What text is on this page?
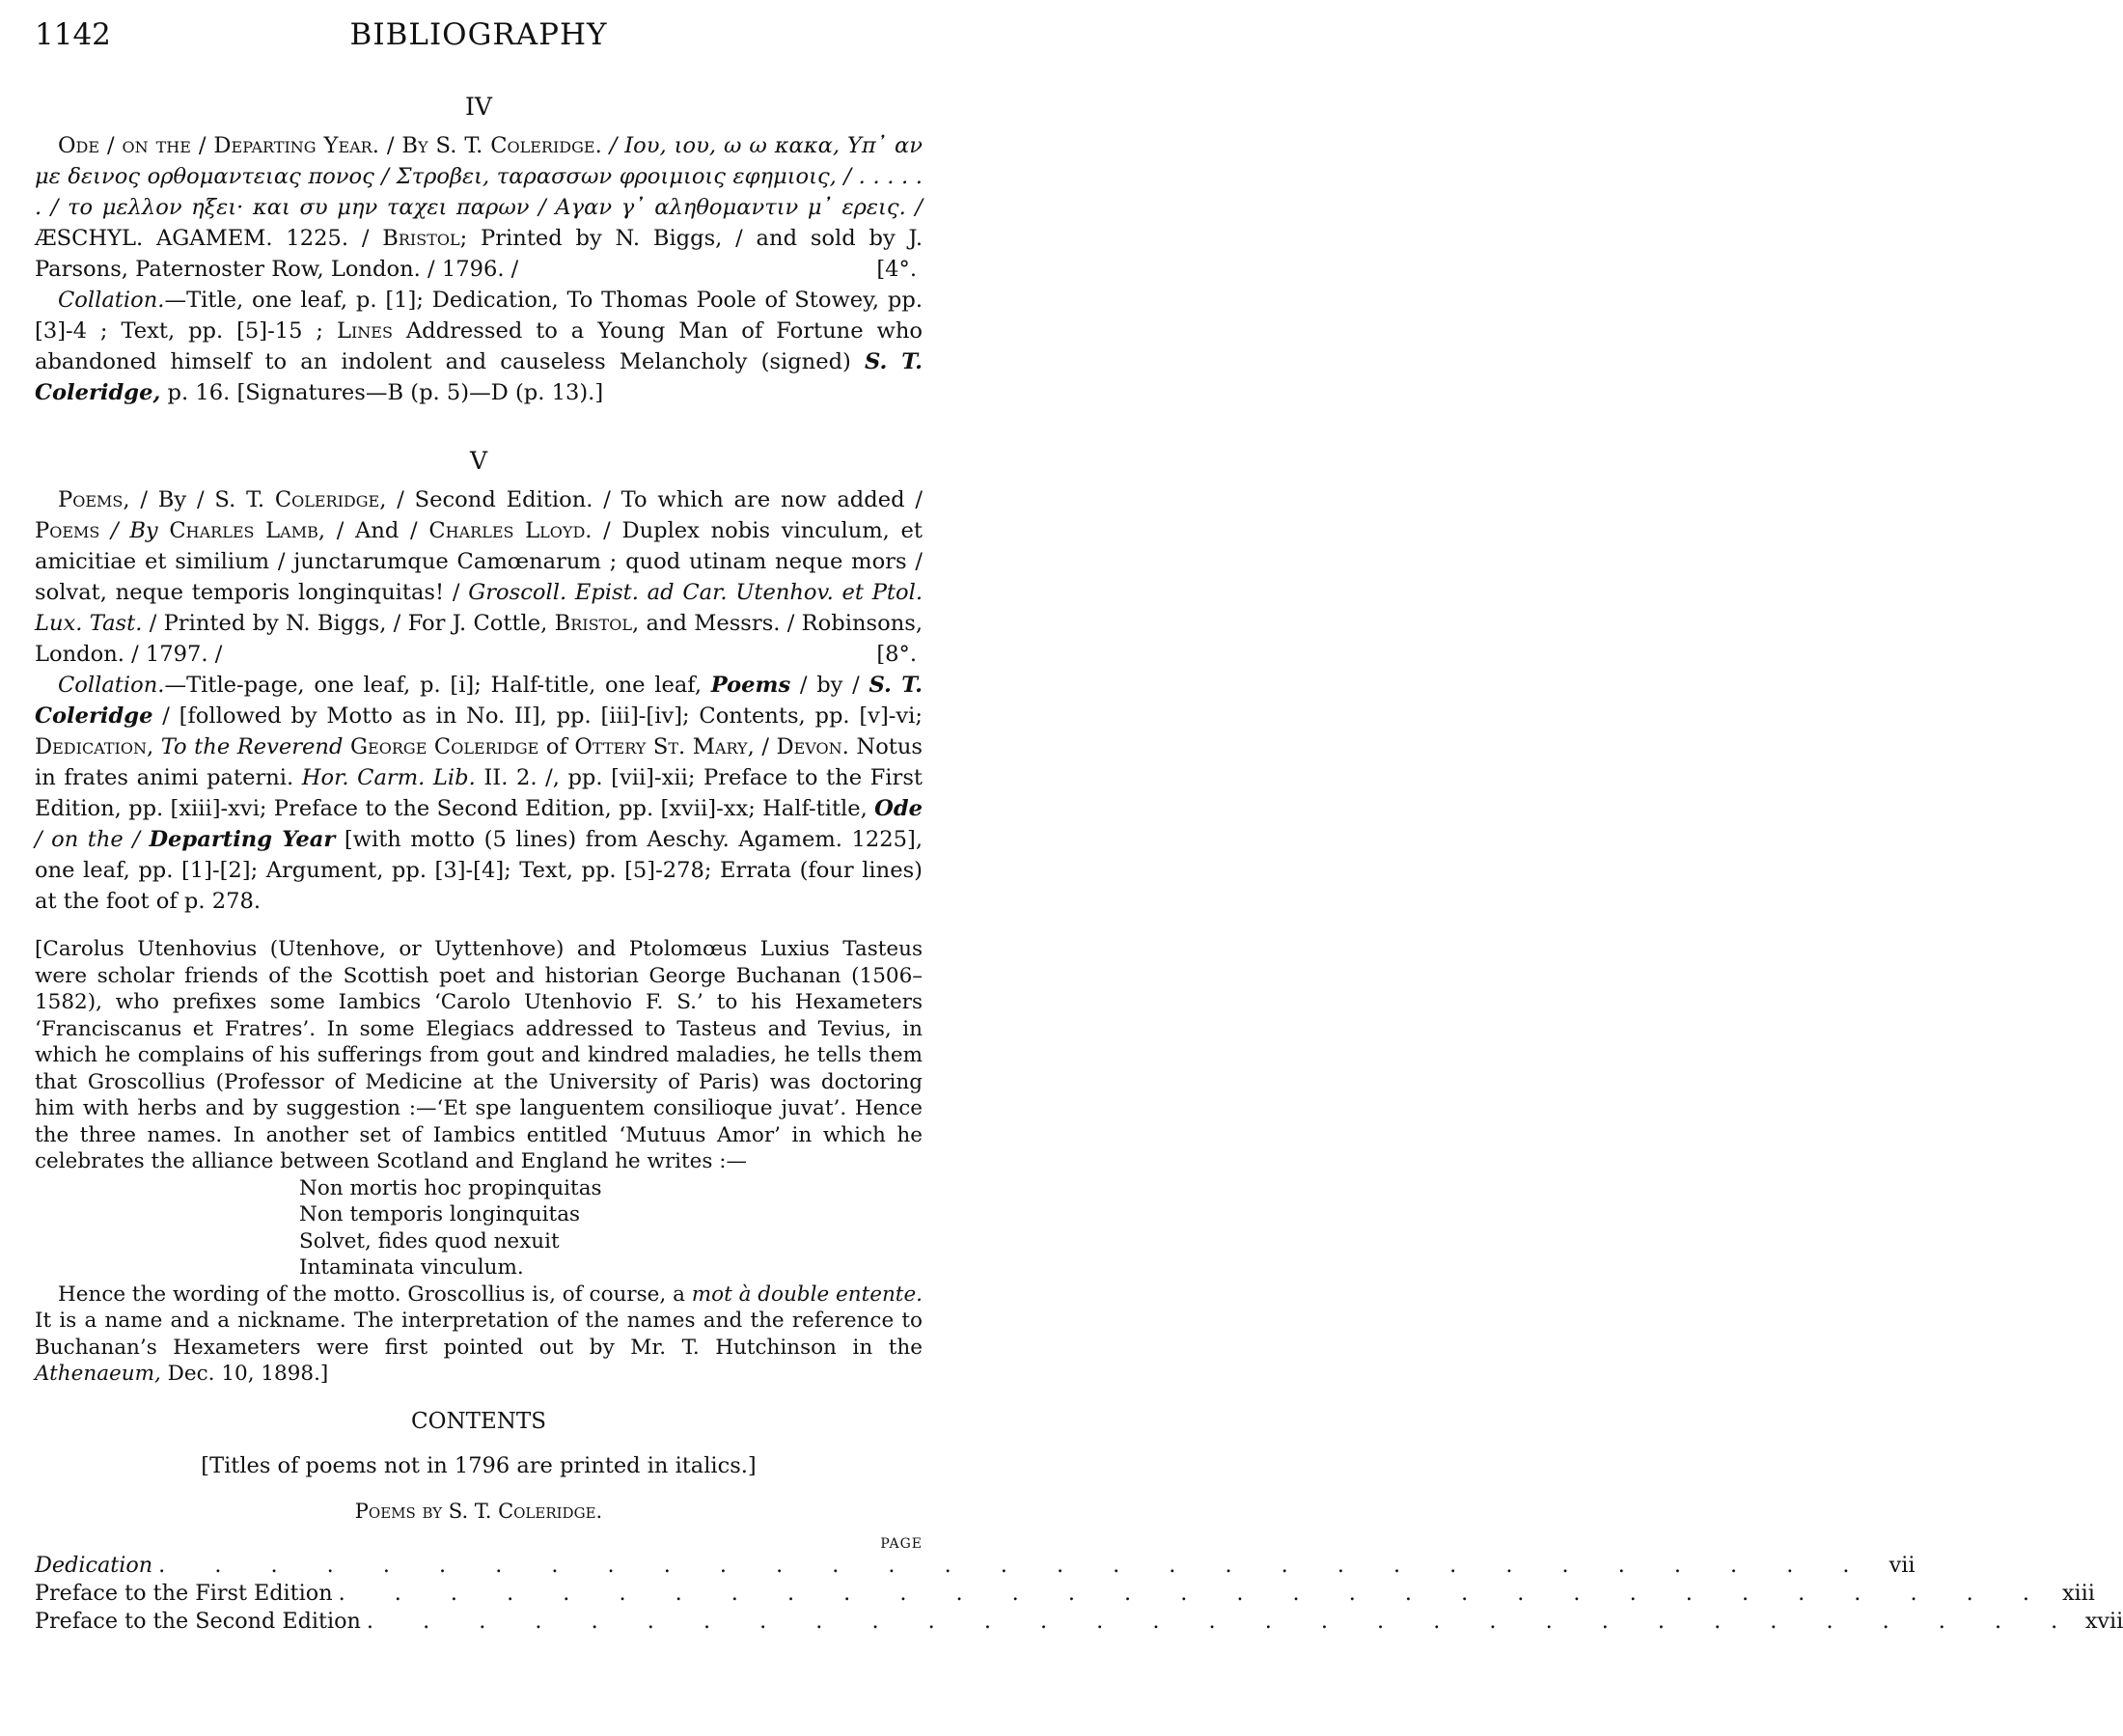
1142	BIBLIOGRAPHY
IV

Ode / on the / Departing Year. / By S. T. Coleridge. / Ιου, ιου, ω ω κακα, Υπ᾽ αν με δεινος ορθομαντειας πονος / Στροβει, ταρασσων φροιμιοις εφημιοις, / . . . . . . / το μελλον ηξει· και συ μην ταχει παρων / Αγαν γ᾽ αληθομαντιν μ᾽ ερεις. / ÆSCHYL. AGAMEM. 1225. / Bristol; Printed by N. Biggs, / and sold by J. Parsons, Paternoster Row, London. / 1796. /	[4°.

Collation.—Title, one leaf, p. [1]; Dedication, To Thomas Poole of Stowey, pp. [3]-4 ; Text, pp. [5]-15 ; Lines Addressed to a Young Man of Fortune who abandoned himself to an indolent and causeless Melancholy (signed) S. T. Coleridge, p. 16. [Signatures—B (p. 5)—D (p. 13).]

V

Poems, / By / S. T. Coleridge, / Second Edition. / To which are now added / Poems / By Charles Lamb, / And / Charles Lloyd. / Duplex nobis vinculum, et amicitiae et similium / junctarumque Camœnarum ; quod utinam neque mors / solvat, neque temporis longinquitas! / Groscoll. Epist. ad Car. Utenhov. et Ptol. Lux. Tast. / Printed by N. Biggs, / For J. Cottle, Bristol, and Messrs. / Robinsons, London. / 1797. /	[8°.

Collation.—Title-page, one leaf, p. [i]; Half-title, one leaf, Poems / by / S. T. Coleridge / [followed by Motto as in No. II], pp. [iii]-[iv]; Contents, pp. [v]-vi; Dedication, To the Reverend George Coleridge of Ottery St. Mary, / Devon. Notus in frates animi paterni. Hor. Carm. Lib. II. 2. /, pp. [vii]-xii; Preface to the First Edition, pp. [xiii]-xvi; Preface to the Second Edition, pp. [xvii]-xx; Half-title, Ode / on the / Departing Year [with motto (5 lines) from Aeschy. Agamem. 1225], one leaf, pp. [1]-[2]; Argument, pp. [3]-[4]; Text, pp. [5]-278; Errata (four lines) at the foot of p. 278.

[Carolus Utenhovius (Utenhove, or Uyttenhove) and Ptolomœus Luxius Tasteus were scholar friends of the Scottish poet and historian George Buchanan (1506–1582), who prefixes some Iambics ‘Carolo Utenhovio F. S.’ to his Hexameters ‘Franciscanus et Fratres’. In some Elegiacs addressed to Tasteus and Tevius, in which he complains of his sufferings from gout and kindred maladies, he tells them that Groscollius (Professor of Medicine at the University of Paris) was doctoring him with herbs and by suggestion :—‘Et spe languentem consilioque juvat’. Hence the three names. In another set of Iambics entitled ‘Mutuus Amor’ in which he celebrates the alliance between Scotland and England he writes :—

Non mortis hoc propinquitas

Non temporis longinquitas

Solvet, fides quod nexuit

Intaminata vinculum.

Hence the wording of the motto. Groscollius is, of course, a mot à double entente. It is a name and a nickname. The interpretation of the names and the reference to Buchanan’s Hexameters were first pointed out by Mr. T. Hutchinson in the Athenaeum, Dec. 10, 1898.]

CONTENTS
[Titles of poems not in 1796 are printed in italics.]
Poems by S. T. Coleridge.
PAGE
Dedication . . . . . . . . . . . . . . . . . . . . . . . . . . . . . . . vii
Preface to the First Edition . . . . . . . . . . . . . . . . . . . . . . . . . . . . . . . xiii
Preface to the Second Edition . . . . . . . . . . . . . . . . . . . . . . . . . . . . . . . xvii
